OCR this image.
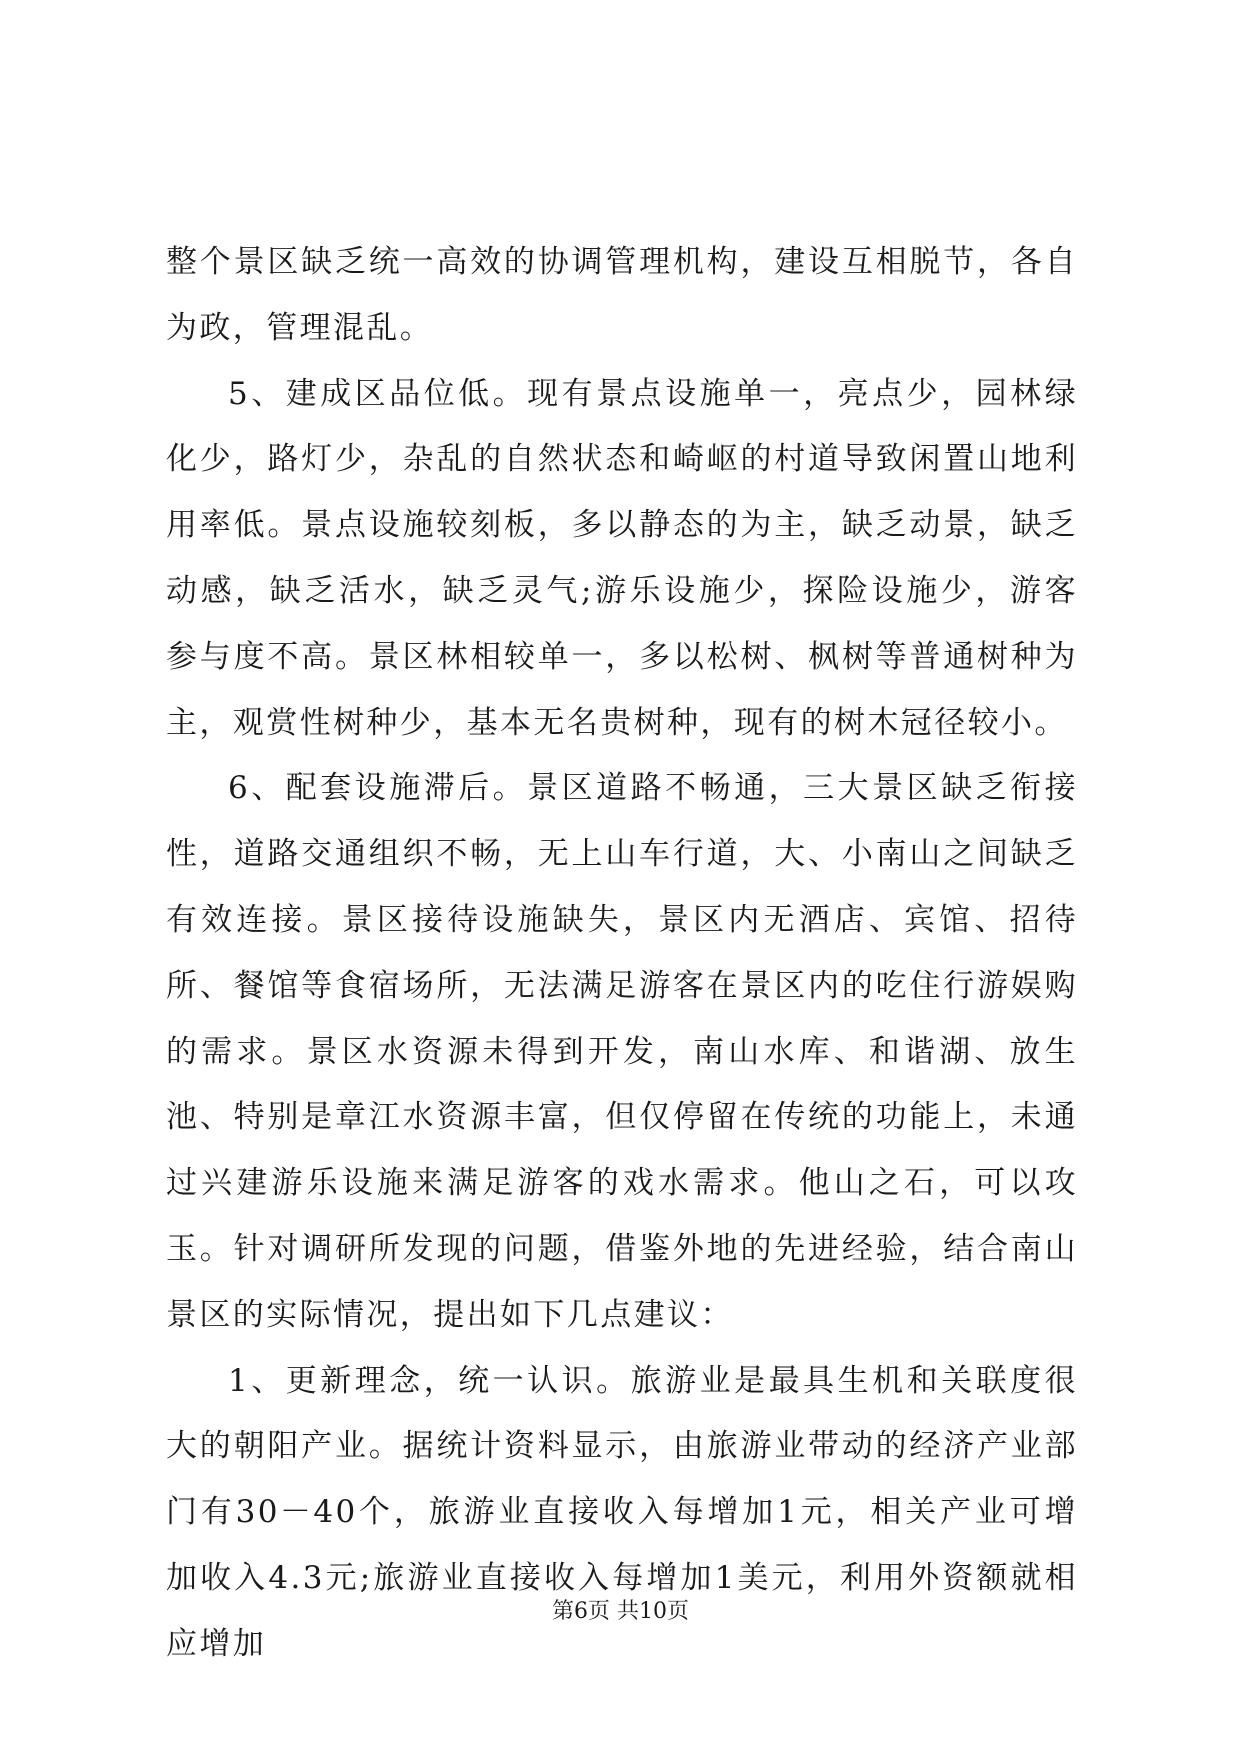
整个景区缺乏统一高效的协调管理机构，建设互相脱节，各自为政，管理混乱。

5、建成区品位低。现有景点设施单一，亮点少，园林绿化少，路灯少，杂乱的自然状态和崎岖的村道导致闲置山地利用率低。景点设施较刻板，多以静态的为主，缺乏动景，缺乏动感，缺乏活水，缺乏灵气;游乐设施少，探险设施少，游客参与度不高。景区林相较单一，多以松树、枫树等普通树种为主，观赏性树种少，基本无名贵树种，现有的树木冠径较小。

6、配套设施滞后。景区道路不畅通，三大景区缺乏衔接性，道路交通组织不畅，无上山车行道，大、小南山之间缺乏有效连接。景区接待设施缺失，景区内无酒店、宾馆、招待所、餐馆等食宿场所，无法满足游客在景区内的吃住行游娱购的需求。景区水资源未得到开发，南山水库、和谐湖、放生池、特别是章江水资源丰富，但仅停留在传统的功能上，未通过兴建游乐设施来满足游客的戏水需求。他山之石，可以攻玉。针对调研所发现的问题，借鉴外地的先进经验，结合南山景区的实际情况，提出如下几点建议：

1、更新理念，统一认识。旅游业是最具生机和关联度很大的朝阳产业。据统计资料显示，由旅游业带动的经济产业部门有30－40个，旅游业直接收入每增加1元，相关产业可增加收入4.3元;旅游业直接收入每增加1美元，利用外资额就相应增加

第6页 共10页
